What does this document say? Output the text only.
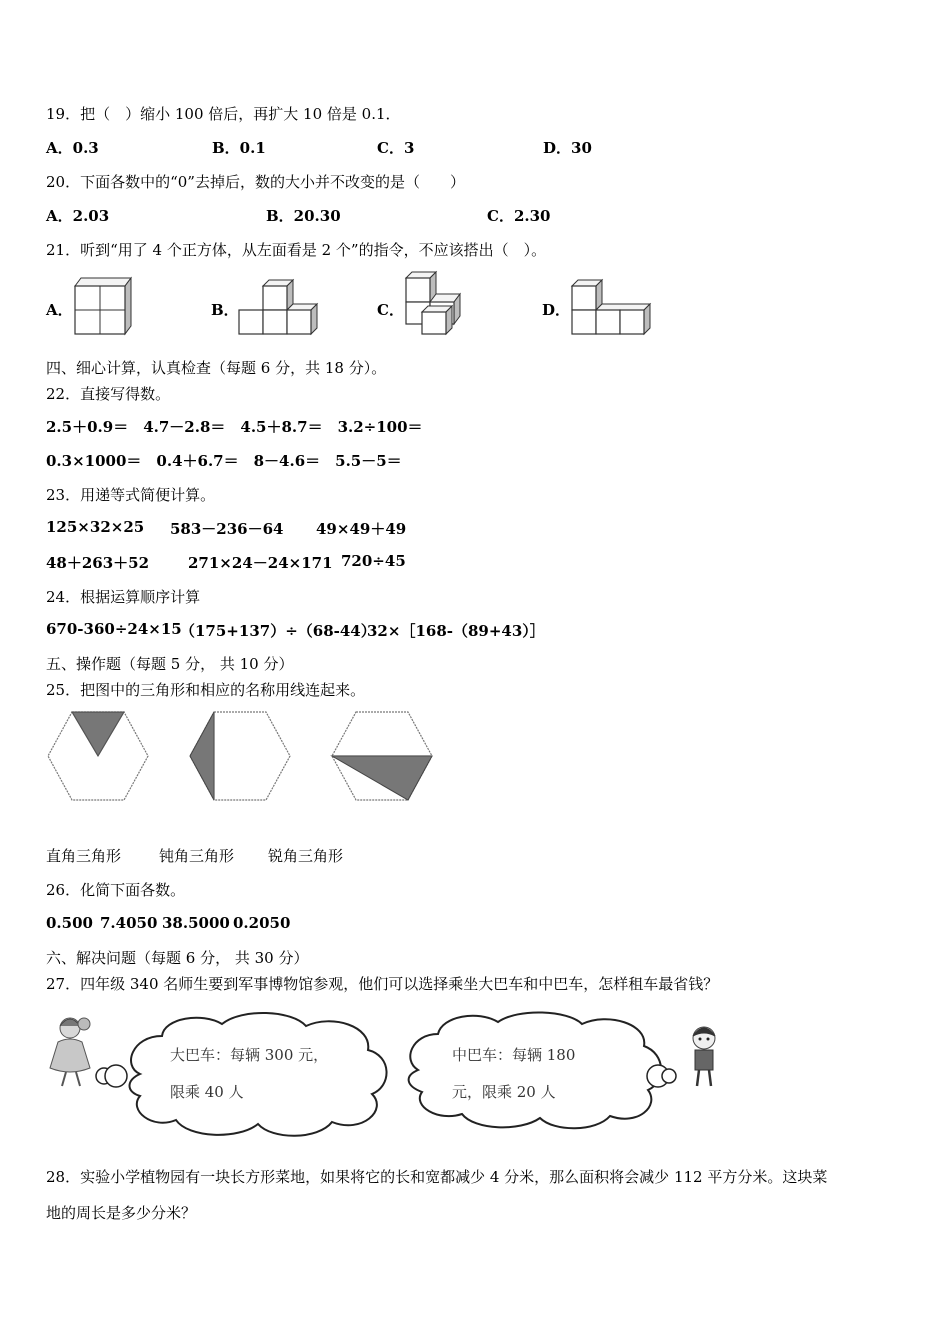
19．把（　）缩小 100 倍后，再扩大 10 倍是 0.1．
A．0.3	B．0.1	C．3	D．30
20．下面各数中的“0”去掉后，数的大小并不改变的是（　　）
A．2.03	B．20.30	C．2.30
21．听到“用了 4 个正方体，从左面看是 2 个”的指令，不应该搭出（　）。
A．	B．	C．	D．
四、细心计算，认真检查（每题 6 分，共 18 分）。
22．直接写得数。
2.5＋0.9＝　4.7－2.8＝　4.5＋8.7＝　3.2÷100＝
0.3×1000＝　0.4＋6.7＝　8－4.6＝　5.5－5＝
23．用递等式简便计算。
125×32×25 583－236－64 49×49＋49
48＋263＋52	271×24－24×171 720÷45
24．根据运算顺序计算
670-360÷24×15
（175+137）÷（68-44）
32×［168-（89+43）］
五、操作题（每题 5 分， 共 10 分）
25．把图中的三角形和相应的名称用线连起来。
直角三角形	钝角三角形 锐角三角形
26．化简下面各数。
0.500 7.4050 38.5000 0.2050
六、解决问题（每题 6 分， 共 30 分）
27．四年级 340 名师生要到军事博物馆参观，他们可以选择乘坐大巴车和中巴车，怎样租车最省钱？
大巴车：每辆 300 元，
限乘 40 人
中巴车：每辆 180
元，限乘 20 人
28．实验小学植物园有一块长方形菜地，如果将它的长和宽都减少 4 分米，那么面积将会减少 112 平方分米。这块菜
地的周长是多少分米？
